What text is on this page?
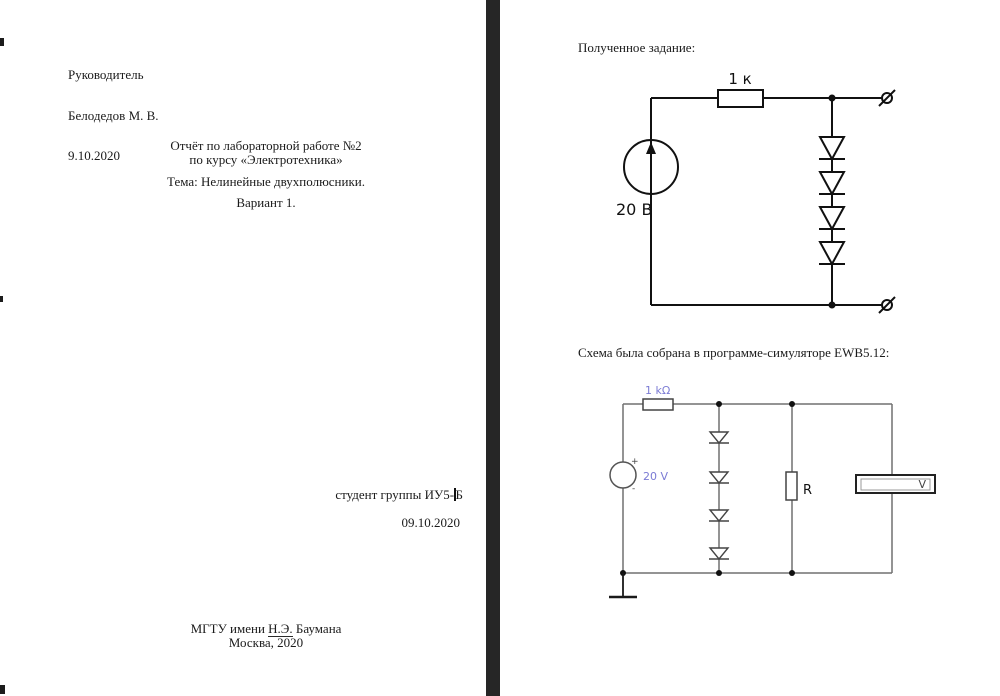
Руководитель

Белодедов М. В.

9.10.2020

Отчёт по лабораторной работе №2
по курсу «Электротехника»
Тема: Нелинейные двухполюсники.
Вариант 1.
студент группы ИУ5- Б
09.10.2020
МГТУ имени Н.Э. Баумана
Москва, 2020
Полученное задание:
1 к
20 В
Схема была собрана в программе-симуляторе EWB5.12:
+
-	V
1 kΩ
20 V
R
